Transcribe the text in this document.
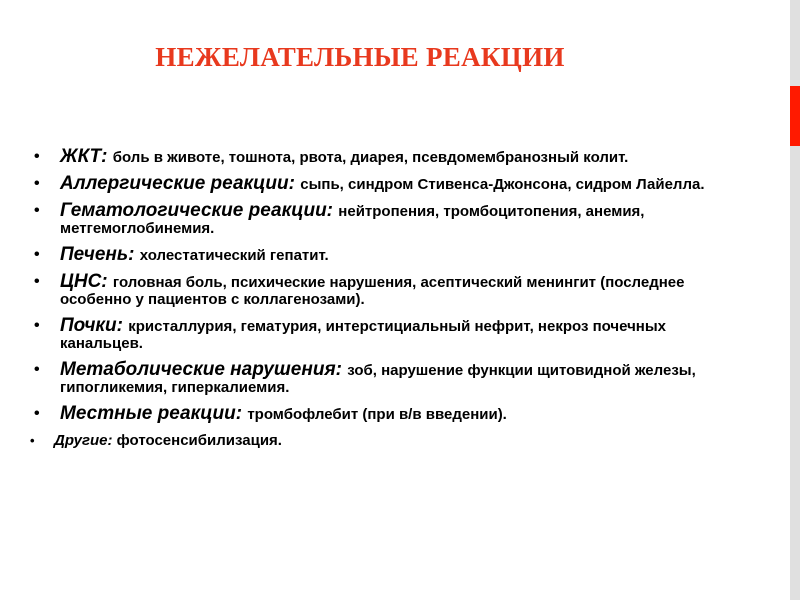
НЕЖЕЛАТЕЛЬНЫЕ РЕАКЦИИ
• ЖКТ: боль в животе, тошнота, рвота, диарея, псевдомембранозный колит.
• Аллергические реакции: сыпь, синдром Стивенса-Джонсона, сидром Лайелла.
• Гематологические реакции: нейтропения, тромбоцитопения, анемия, метгемоглобинемия.
• Печень: холестатический гепатит.
• ЦНС: головная боль, психические нарушения, асептический менингит (последнее особенно у пациентов с коллагенозами).
• Почки: кристаллурия, гематурия, интерстициальный нефрит, некроз почечных канальцев.
• Метаболические нарушения: зоб, нарушение функции щитовидной железы, гипогликемия, гиперкалиемия.
• Местные реакции: тромбофлебит (при в/в введении).
• Другие: фотосенсибилизация.
